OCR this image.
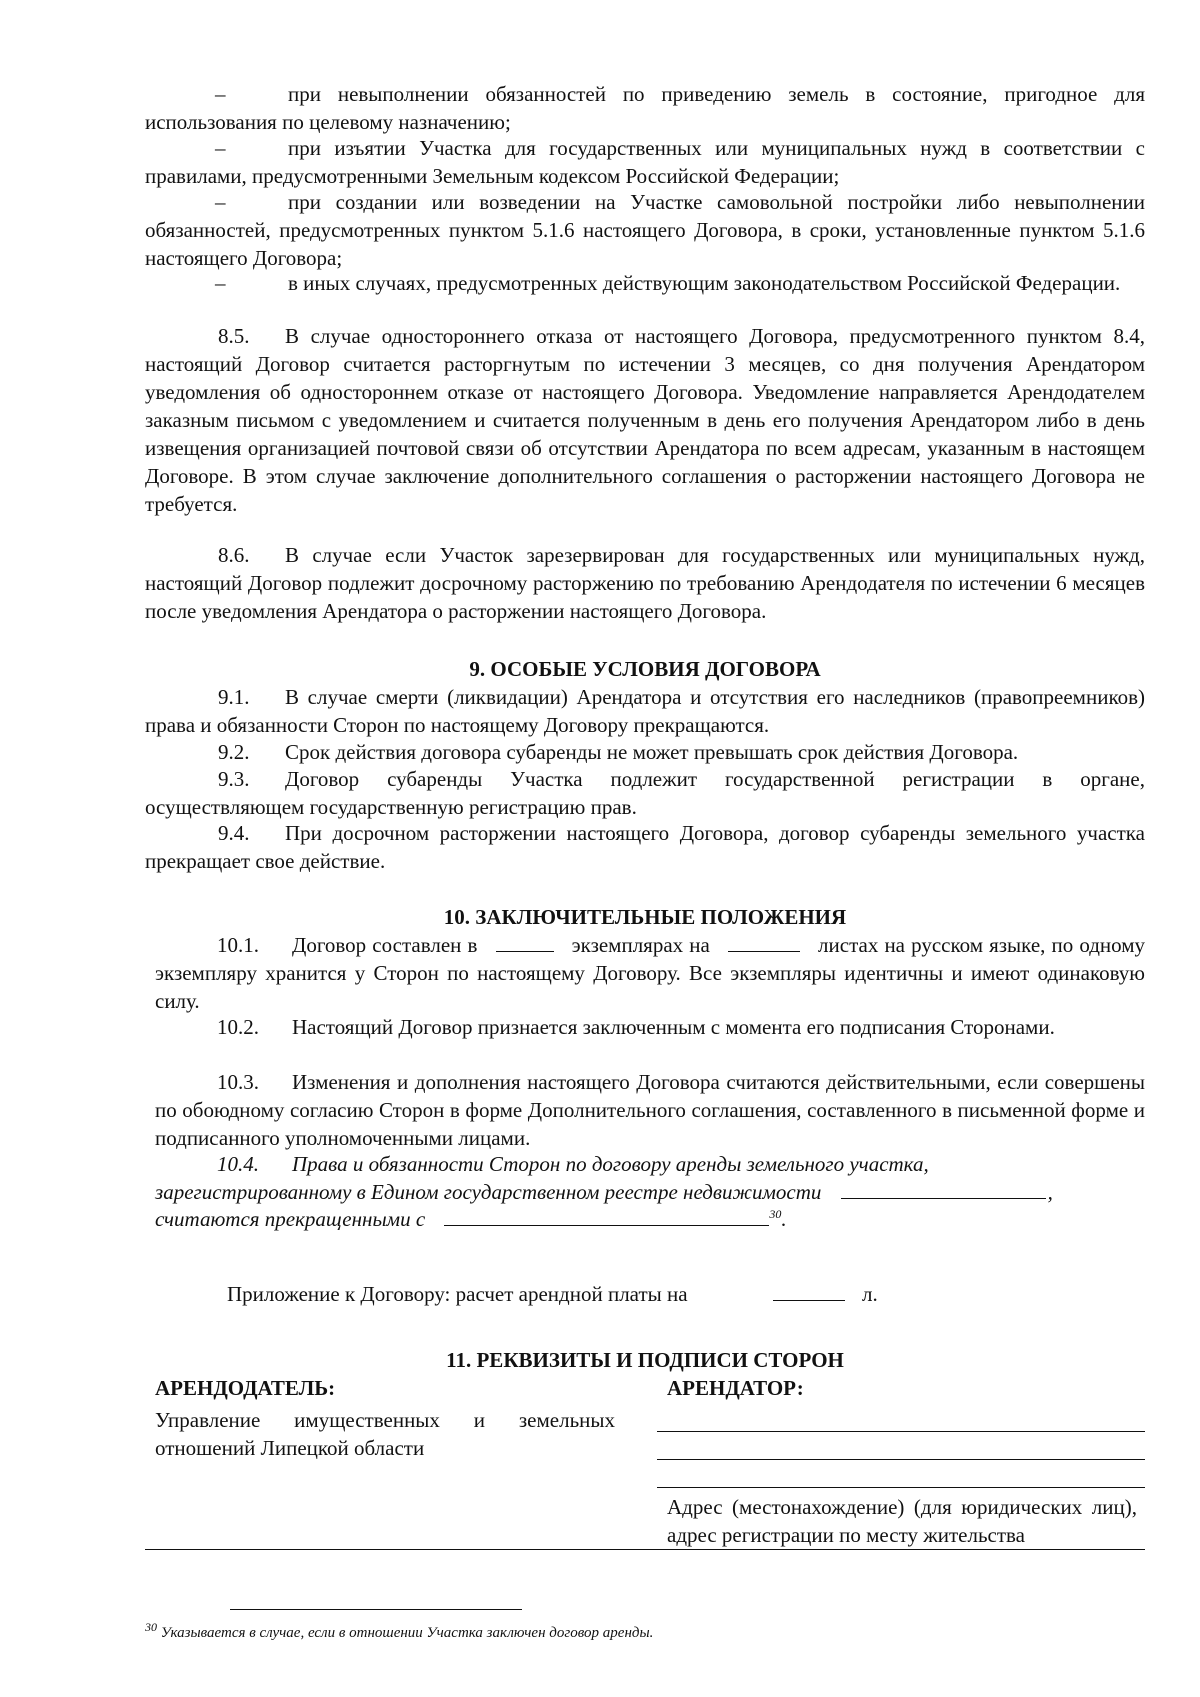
–	при невыполнении обязанностей по приведению земель в состояние, пригодное для использования по целевому назначению;
–	при изъятии Участка для государственных или муниципальных нужд в соответствии с правилами, предусмотренными Земельным кодексом Российской Федерации;
–	при создании или возведении на Участке самовольной постройки либо невыполнении обязанностей, предусмотренных пунктом 5.1.6 настоящего Договора, в сроки, установленные пунктом 5.1.6 настоящего Договора;
–	в иных случаях, предусмотренных действующим законодательством Российской Федерации.
8.5. В случае одностороннего отказа от настоящего Договора, предусмотренного пунктом 8.4, настоящий Договор считается расторгнутым по истечении 3 месяцев, со дня получения Арендатором уведомления об одностороннем отказе от настоящего Договора. Уведомление направляется Арендодателем заказным письмом с уведомлением и считается полученным в день его получения Арендатором либо в день извещения организацией почтовой связи об отсутствии Арендатора по всем адресам, указанным в настоящем Договоре. В этом случае заключение дополнительного соглашения о расторжении настоящего Договора не требуется.
8.6. В случае если Участок зарезервирован для государственных или муниципальных нужд, настоящий Договор подлежит досрочному расторжению по требованию Арендодателя по истечении 6 месяцев после уведомления Арендатора о расторжении настоящего Договора.
9. ОСОБЫЕ УСЛОВИЯ ДОГОВОРА
9.1. В случае смерти (ликвидации) Арендатора и отсутствия его наследников (правопреемников) права и обязанности Сторон по настоящему Договору прекращаются.
9.2. Срок действия договора субаренды не может превышать срок действия Договора.
9.3. Договор субаренды Участка подлежит государственной регистрации в органе, осуществляющем государственную регистрацию прав.
9.4. При досрочном расторжении настоящего Договора, договор субаренды земельного участка прекращает свое действие.
10. ЗАКЛЮЧИТЕЛЬНЫЕ ПОЛОЖЕНИЯ
10.1. Договор составлен в	экземплярах на	листах на русском языке, по одному экземпляру хранится у Сторон по настоящему Договору. Все экземпляры идентичны и имеют одинаковую силу.
10.2. Настоящий Договор признается заключенным с момента его подписания Сторонами.
10.3. Изменения и дополнения настоящего Договора считаются действительными, если совершены по обоюдному согласию Сторон в форме Дополнительного соглашения, составленного в письменной форме и подписанного уполномоченными лицами.
10.4. Права и обязанности Сторон по договору аренды земельного участка,
зарегистрированному в Едином государственном реестре недвижимости	,
считаются прекращенными с	$^{30}$.
Приложение к Договору: расчет арендной платы на	л.
11. РЕКВИЗИТЫ И ПОДПИСИ СТОРОН
АРЕНДОДАТЕЛЬ:	АРЕНДАТОР:
Управление имущественных и земельных отношений Липецкой области
Адрес (местонахождение) (для юридических лиц), адрес регистрации по месту жительства
$^{30}$ Указывается в случае, если в отношении Участка заключен договор аренды.
